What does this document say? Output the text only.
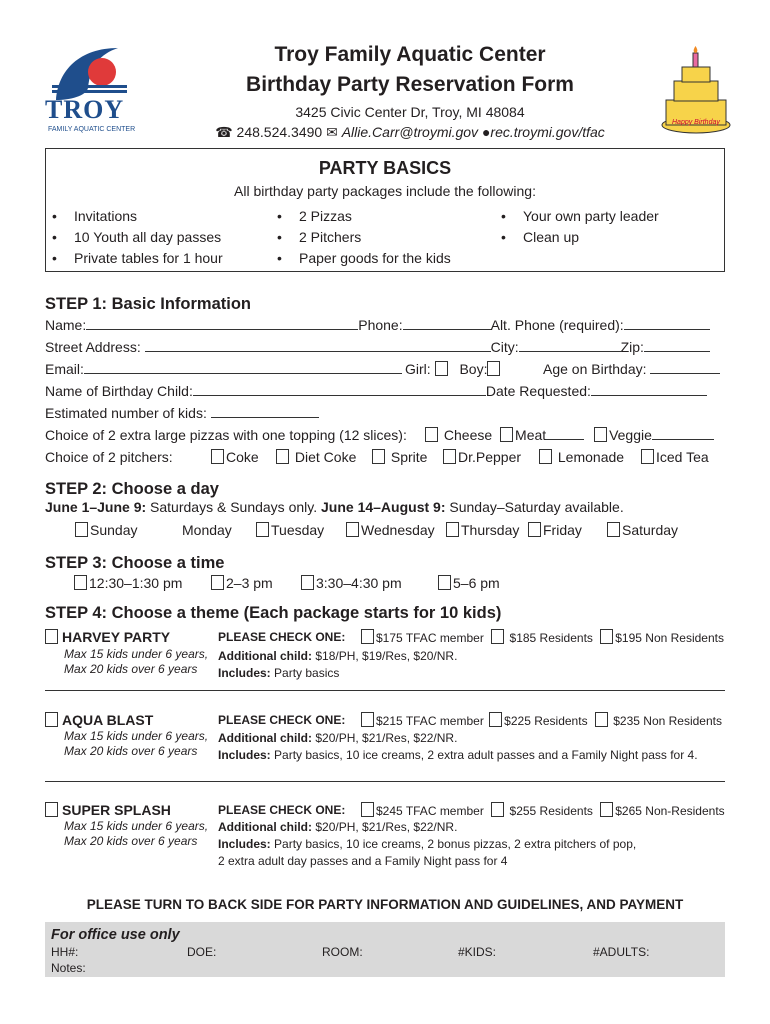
TROY
FAMILY AQUATIC CENTER
Troy Family Aquatic Center
Birthday Party Reservation Form
3425 Civic Center Dr, Troy, MI 48084
☎ 248.524.3490 ✉ Allie.Carr@troymi.gov ●rec.troymi.gov/tfac
Happy Birthday
PARTY BASICS
All birthday party packages include the following:
• Invitations
• 10 Youth all day passes
• Private tables for 1 hour
• 2 Pizzas
• 2 Pitchers
• Paper goods for the kids
• Your own party leader
• Clean up
STEP 1: Basic Information
Name:	Phone:	Alt. Phone (required):
Street Address:	City:	Zip:
Email:	Girl: Boy:	Age on Birthday:
Name of Birthday Child:	Date Requested:
Estimated number of kids:
Choice of 2 extra large pizzas with one topping (12 slices):	Cheese Meat	Veggie
Choice of 2 pitchers:	Coke	Diet Coke	Sprite	Dr.Pepper	Lemonade	Iced Tea
STEP 2: Choose a day
June 1–June 9: Saturdays & Sundays only. June 14–August 9: Sunday–Saturday available.
Sunday	Monday	Tuesday	Wednesday	Thursday	Friday	Saturday
STEP 3: Choose a time
12:30–1:30 pm	2–3 pm	3:30–4:30 pm	5–6 pm
STEP 4: Choose a theme (Each package starts for 10 kids)
HARVEY PARTY
Max 15 kids under 6 years,
Max 20 kids over 6 years
PLEASE CHECK ONE:	$175 TFAC member $185 Residents $195 Non Residents
Additional child: $18/PH, $19/Res, $20/NR.
Includes: Party basics
AQUA BLAST
Max 15 kids under 6 years,
Max 20 kids over 6 years
PLEASE CHECK ONE:	$215 TFAC member $225 Residents $235 Non Residents
Additional child: $20/PH, $21/Res, $22/NR.
Includes: Party basics, 10 ice creams, 2 extra adult passes and a Family Night pass for 4.
SUPER SPLASH
Max 15 kids under 6 years,
Max 20 kids over 6 years
PLEASE CHECK ONE:	$245 TFAC member $255 Residents $265 Non-Residents
Additional child: $20/PH, $21/Res, $22/NR.
Includes: Party basics, 10 ice creams, 2 bonus pizzas, 2 extra pitchers of pop,
2 extra adult day passes and a Family Night pass for 4
PLEASE TURN TO BACK SIDE FOR PARTY INFORMATION AND GUIDELINES, AND PAYMENT
For office use only
HH#:	DOE:	ROOM:	#KIDS:	#ADULTS:
Notes:
